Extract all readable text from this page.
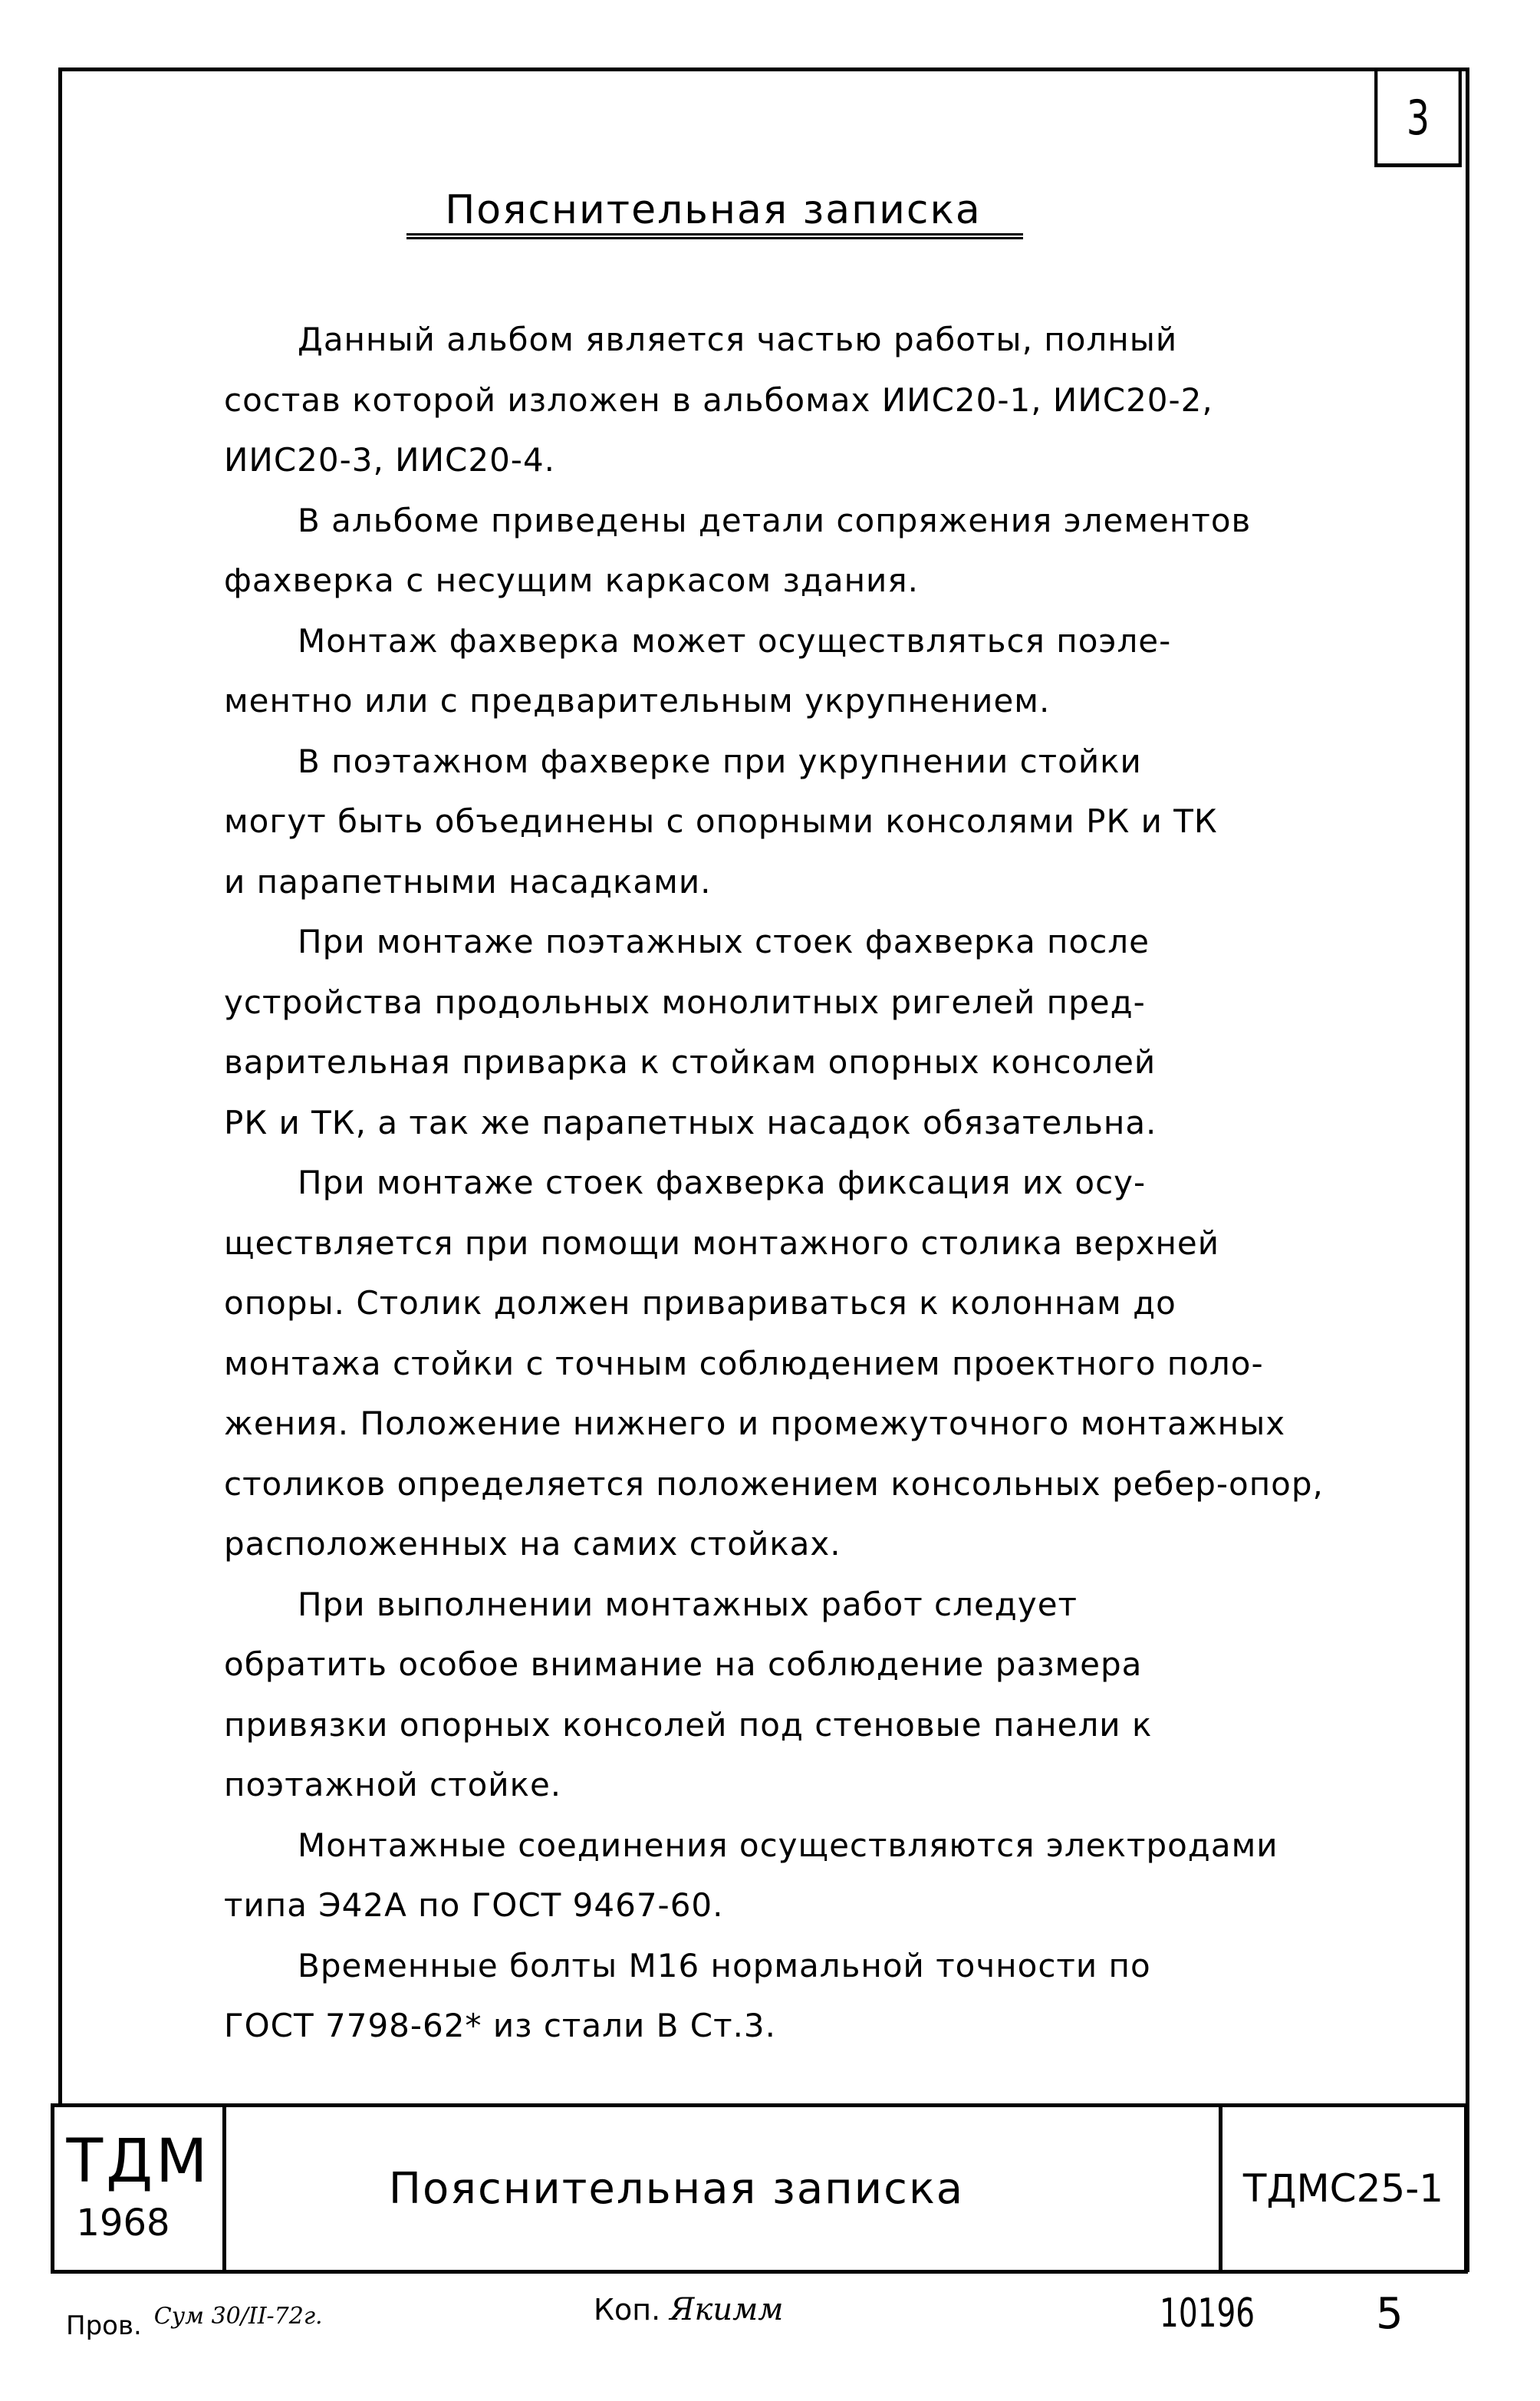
3
Пояснительная записка
Данный альбом является частью работы, полный
состав которой изложен в альбомах ИИС20-1, ИИС20-2,
ИИС20-3, ИИС20-4.
В альбоме приведены детали сопряжения элементов
фахверка с несущим каркасом здания.
Монтаж фахверка может осуществляться поэле-
ментно или с предварительным укрупнением.
В поэтажном фахверке при укрупнении стойки
могут быть объединены с опорными консолями РК и ТК
и парапетными насадками.
При монтаже поэтажных стоек фахверка после
устройства продольных монолитных ригелей пред-
варительная приварка к стойкам опорных консолей
РК и ТК, а так же парапетных насадок обязательна.
При монтаже стоек фахверка фиксация их осу-
ществляется при помощи монтажного столика верхней
опоры. Столик должен привариваться к колоннам до
монтажа стойки с точным соблюдением проектного поло-
жения. Положение нижнего и промежуточного монтажных
столиков определяется положением консольных ребер-опор,
расположенных на самих стойках.
При выполнении монтажных работ следует
обратить особое внимание на соблюдение размера
привязки опорных консолей под стеновые панели к
поэтажной стойке.
Монтажные соединения осуществляются электродами
типа Э42А по ГОСТ 9467-60.
Временные болты М16 нормальной точности по
ГОСТ 7798-62* из стали В Ст.3.
ТДМ
1968
Пояснительная записка	ТДМС25-1
Пров. Сум 30/II-72г.	Коп. Якимм	10196	5
